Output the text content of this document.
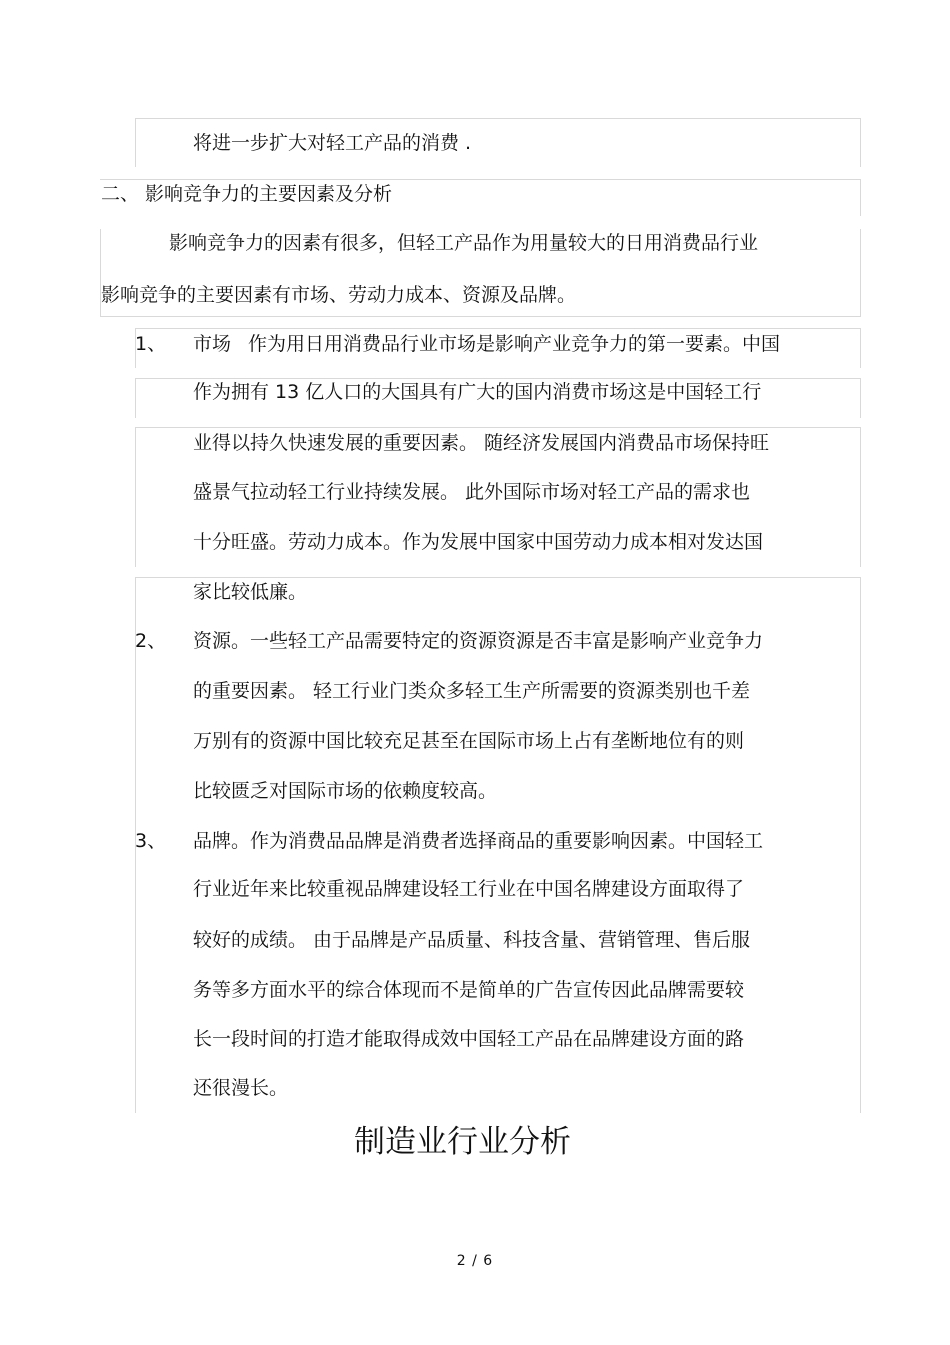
将进一步扩大对轻工产品的消费 .
二、 影响竞争力的主要因素及分析
影响竞争力的因素有很多，但轻工产品作为用量较大的日用消费品行业
影响竞争的主要因素有市场、劳动力成本、资源及品牌。
1、 市场 作为用日用消费品行业市场是影响产业竞争力的第一要素。中国
作为拥有 13 亿人口的大国具有广大的国内消费市场这是中国轻工行
业得以持久快速发展的重要因素。 随经济发展国内消费品市场保持旺
盛景气拉动轻工行业持续发展。 此外国际市场对轻工产品的需求也
十分旺盛。劳动力成本。作为发展中国家中国劳动力成本相对发达国
家比较低廉。
2、 资源。一些轻工产品需要特定的资源资源是否丰富是影响产业竞争力
的重要因素。 轻工行业门类众多轻工生产所需要的资源类别也千差
万别有的资源中国比较充足甚至在国际市场上占有垄断地位有的则
比较匮乏对国际市场的依赖度较高。
3、 品牌。作为消费品品牌是消费者选择商品的重要影响因素。中国轻工
行业近年来比较重视品牌建设轻工行业在中国名牌建设方面取得了
较好的成绩。 由于品牌是产品质量、科技含量、营销管理、售后服
务等多方面水平的综合体现而不是简单的广告宣传因此品牌需要较
长一段时间的打造才能取得成效中国轻工产品在品牌建设方面的路
还很漫长。
制造业行业分析
2 / 6
